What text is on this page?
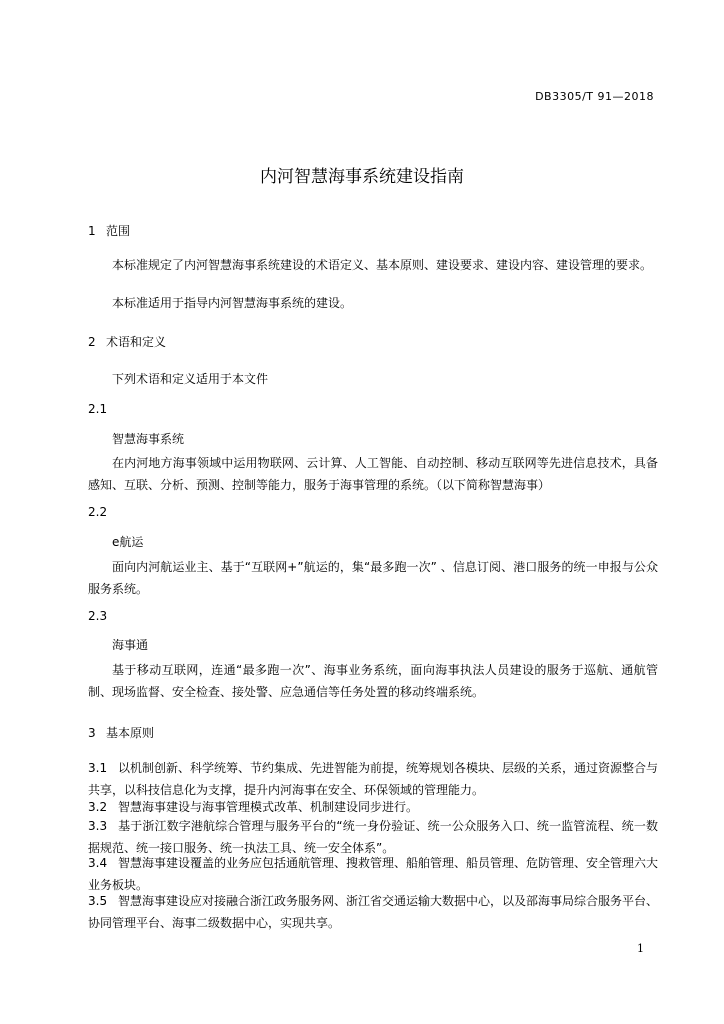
DB3305/T 91—2018
内河智慧海事系统建设指南
1 范围
本标准规定了内河智慧海事系统建设的术语定义、基本原则、建设要求、建设内容、建设管理的要求。
本标准适用于指导内河智慧海事系统的建设。
2 术语和定义
下列术语和定义适用于本文件
2.1
智慧海事系统
在内河地方海事领域中运用物联网、云计算、人工智能、自动控制、移动互联网等先进信息技术，具备感知、互联、分析、预测、控制等能力，服务于海事管理的系统。（以下简称智慧海事）
2.2
e航运
面向内河航运业主、基于“互联网+”航运的，集“最多跑一次” 、信息订阅、港口服务的统一申报与公众服务系统。
2.3
海事通
基于移动互联网，连通“最多跑一次”、海事业务系统，面向海事执法人员建设的服务于巡航、通航管制、现场监督、安全检查、接处警、应急通信等任务处置的移动终端系统。
3 基本原则
3.1 以机制创新、科学统筹、节约集成、先进智能为前提，统筹规划各模块、层级的关系，通过资源整合与共享，以科技信息化为支撑，提升内河海事在安全、环保领域的管理能力。
3.2 智慧海事建设与海事管理模式改革、机制建设同步进行。
3.3 基于浙江数字港航综合管理与服务平台的“统一身份验证、统一公众服务入口、统一监管流程、统一数据规范、统一接口服务、统一执法工具、统一安全体系”。
3.4 智慧海事建设覆盖的业务应包括通航管理、搜救管理、船舶管理、船员管理、危防管理、安全管理六大业务板块。
3.5 智慧海事建设应对接融合浙江政务服务网、浙江省交通运输大数据中心，以及部海事局综合服务平台、协同管理平台、海事二级数据中心，实现共享。
1
